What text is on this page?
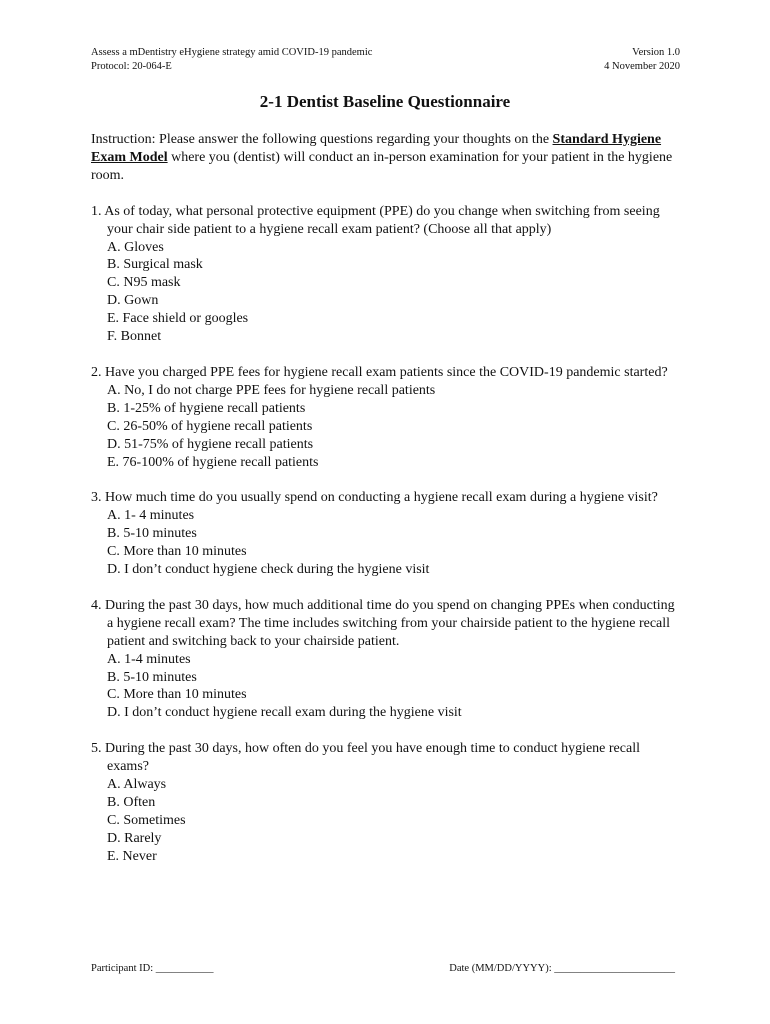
Assess a mDentistry eHygiene strategy amid COVID-19 pandemic
Protocol: 20-064-E
Version 1.0
4 November 2020
2-1 Dentist Baseline Questionnaire
Instruction: Please answer the following questions regarding your thoughts on the Standard Hygiene Exam Model where you (dentist) will conduct an in-person examination for your patient in the hygiene room.
1. As of today, what personal protective equipment (PPE) do you change when switching from seeing your chair side patient to a hygiene recall exam patient? (Choose all that apply)
A. Gloves
B. Surgical mask
C. N95 mask
D. Gown
E. Face shield or googles
F. Bonnet
2. Have you charged PPE fees for hygiene recall exam patients since the COVID-19 pandemic started?
A. No, I do not charge PPE fees for hygiene recall patients
B. 1-25% of hygiene recall patients
C. 26-50% of hygiene recall patients
D. 51-75% of hygiene recall patients
E. 76-100% of hygiene recall patients
3. How much time do you usually spend on conducting a hygiene recall exam during a hygiene visit?
A. 1- 4 minutes
B. 5-10 minutes
C. More than 10 minutes
D. I don’t conduct hygiene check during the hygiene visit
4. During the past 30 days, how much additional time do you spend on changing PPEs when conducting a hygiene recall exam? The time includes switching from your chairside patient to the hygiene recall patient and switching back to your chairside patient.
A. 1-4 minutes
B. 5-10 minutes
C. More than 10 minutes
D. I don’t conduct hygiene recall exam during the hygiene visit
5. During the past 30 days, how often do you feel you have enough time to conduct hygiene recall exams?
A. Always
B. Often
C. Sometimes
D. Rarely
E. Never
Participant ID: ___________	Date (MM/DD/YYYY): _______________________
